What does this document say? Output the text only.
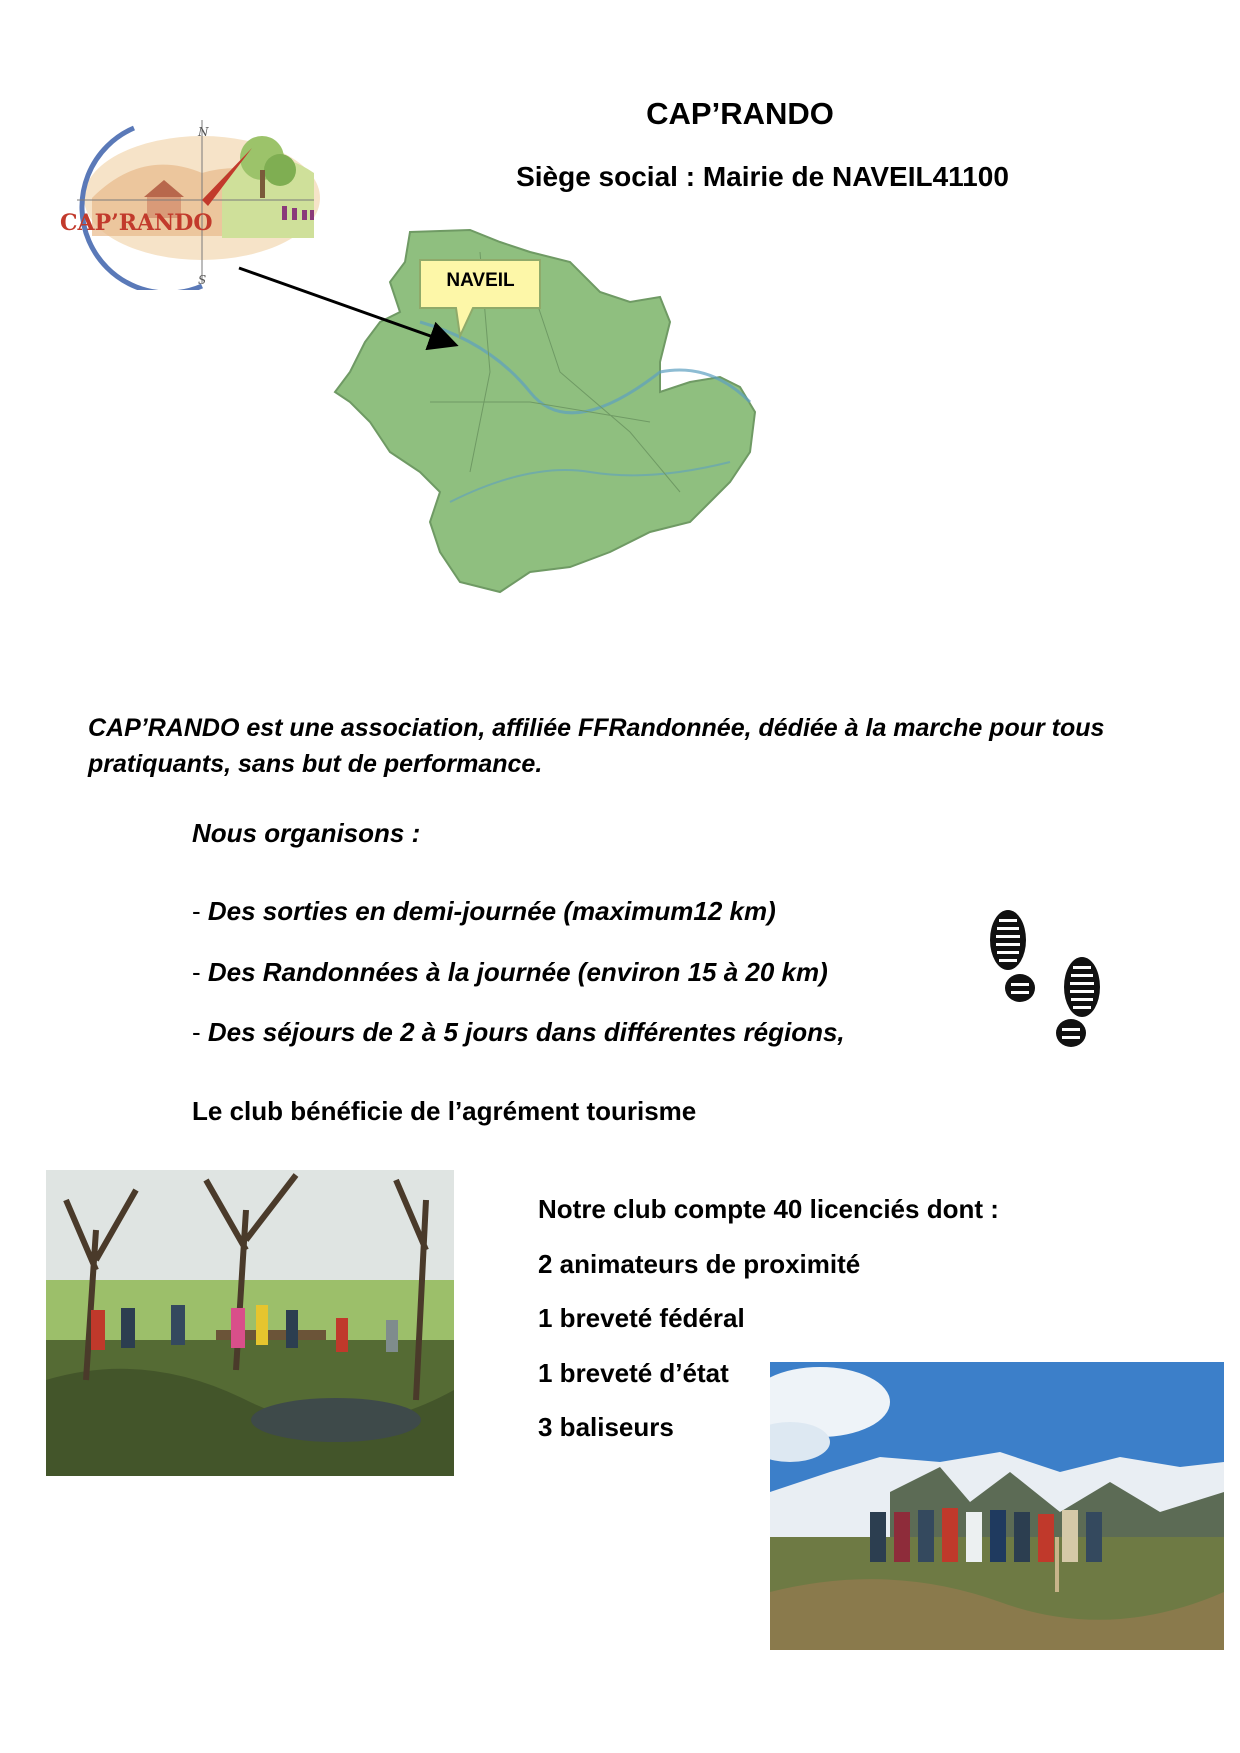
CAP’RANDO
Siège social : Mairie de NAVEIL41100
N
S
CAP’RANDO
NAVEIL
CAP’RANDO est une association, affiliée FFRandonnée, dédiée à la marche pour tous pratiquants, sans but de performance.
Nous organisons :
- Des sorties en demi-journée (maximum12 km)
- Des Randonnées à la journée (environ 15 à 20 km)
- Des séjours de 2 à 5 jours dans différentes régions,
Le club bénéficie de l’agrément tourisme
Notre club compte 40 licenciés dont :
2 animateurs de proximité
1 breveté fédéral
1 breveté d’état
3 baliseurs
